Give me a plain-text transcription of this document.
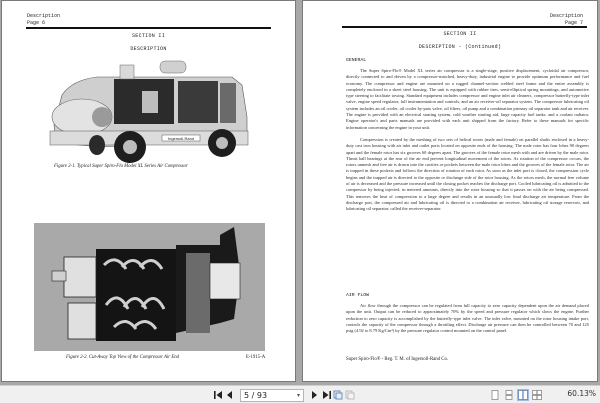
Description
Page 6
SECTION II
DESCRIPTION
Ingersoll-Rand
Figure 2-1. Typical Super Spiro-Flo Model XL Series Air Compressor
Figure 2-2. Cut-Away Top View of the Compressor Air End	E-1915-A
Description
Page 7
SECTION II
DESCRIPTION - (Continued)
GENERAL

The Super Spiro-Flo® Model XL series air compressor is a single-stage, positive displacement, cycloidal air compressor, directly connected to and driven by a compressor-matched, heavy-duty, industrial engine to provide optimum performance and fuel economy. The compressor and engine are mounted on a rugged channel-section welded steel frame and the entire assembly is completely enclosed in a sheet steel housing. The unit is equipped with rubber tires, semi-elliptical spring mountings, and automotive type steering to facilitate towing. Standard equipment includes compressor and engine inlet air cleaners, compressor butterfly-type inlet valve, engine speed regulator, full instrumentation and controls, and an air receiver-oil separator system. The compressor lubricating oil system includes an oil cooler, oil cooler by-pass valve, oil filters, oil pump and a combination primary oil separator tank and air receiver. The engine is provided with an electrical starting system, cold weather starting aid, large capacity fuel tanks, and a coolant radiator. Engine operator's and parts manuals are provided with each unit shipped from the factory. Refer to these manuals for specific information concerning the engine in your unit.

Compression is created by the meshing of two sets of helical rotors (male and female) on parallel shafts enclosed in a heavy-duty cast iron housing with air inlet and outlet ports located on opposite ends of the housing. The male rotor has four lobes 90 degrees apart and the female rotor has six grooves 60 degrees apart. The grooves of the female rotor mesh with and are driven by the male rotor. Thrust ball bearings at the rear of the air end prevent longitudinal movement of the rotors. As rotation of the compressor occurs, the rotors unmesh and free air is drawn into the cavities or pockets between the male rotor lobes and the grooves of the female rotor. The air is trapped in these pockets and follows the direction of rotation of each rotor. As soon as the inlet port is closed, the compression cycle begins and the trapped air is directed to the opposite or discharge side of the rotor housing. As the rotors mesh, the normal free volume of air is decreased and the pressure increased until the closing pocket reaches the discharge port. Cooled lubricating oil is admitted to the compressor by being injected, in metered amounts, directly into the rotor housing so that it passes on with the air being compressed. This removes the heat of compression to a large degree and results in an unusually low final discharge air temperature. From the discharge port, the compressed air and lubricating oil is directed to a combination air receiver, lubricating oil storage reservoir, and lubricating oil separator, called the receiver-separator.

AIR FLOW

Air flow through the compressor can be regulated from full capacity to zero capacity dependent upon the air demand placed upon the unit. Output can be reduced to approximately 70% by the speed and pressure regulator which slows the engine. Further reduction to zero capacity is accomplished by the butterfly-type inlet valve. The inlet valve, mounted on the rotor housing intake port, controls the capacity of the compressor through a throttling effect. Discharge air pressure can then be controlled between 70 and 125 psig (4.92 to 8.79 Kg/Cm²) by the pressure regulator control mounted on the control panel.

Super Spiro-Flo® - Reg. T. M. of Ingersoll-Rand Co.
5 / 93	▾	60.13%
